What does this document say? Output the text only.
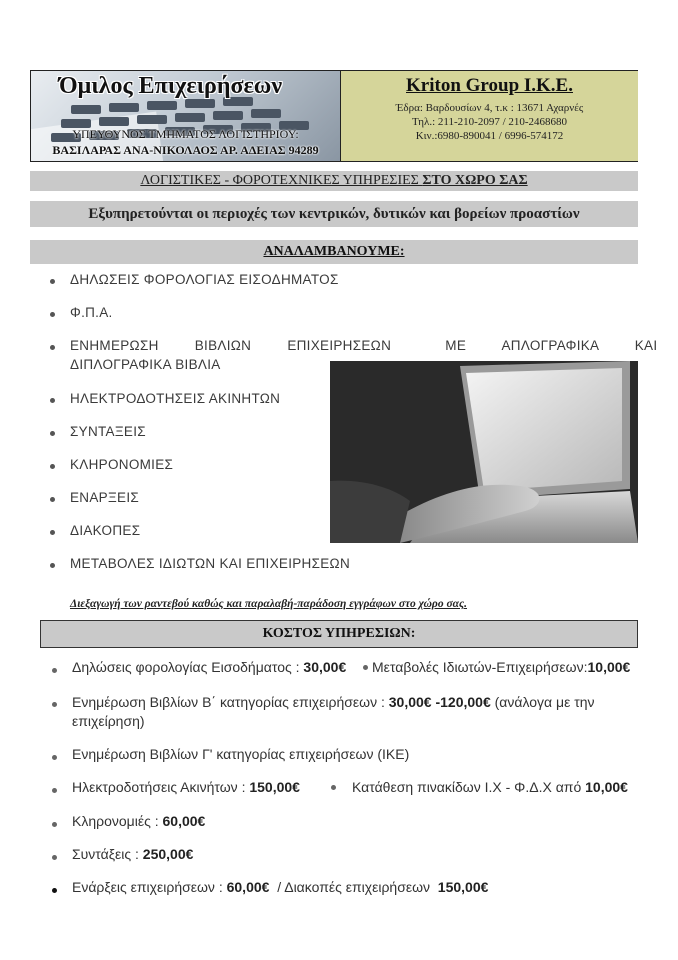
Όμιλος Επιχειρήσεων
ΥΠΕΥΘΥΝΟΣ ΤΜΗΜΑΤΟΣ ΛΟΓΙΣΤΗΡΙΟΥ:
ΒΑΣΙΛΑΡΑΣ ΑΝΑ-ΝΙΚΟΛΑΟΣ ΑΡ. ΑΔΕΙΑΣ 94289
Kriton Group I.K.E.
Έδρα: Βαρδουσίων 4, τ.κ : 13671 Αχαρνές
Τηλ.: 211-210-2097 / 210-2468680
Κιν.:6980-890041 / 6996-574172
ΛΟΓΙΣΤΙΚΕΣ - ΦΟΡΟΤΕΧΝΙΚΕΣ ΥΠΗΡΕΣΙΕΣ ΣΤΟ ΧΩΡΟ ΣΑΣ
Εξυπηρετούνται οι περιοχές των κεντρικών, δυτικών και βορείων προαστίων
ΑΝΑΛΑΜΒΑΝΟΥΜΕ:
ΔΗΛΩΣΕΙΣ ΦΟΡΟΛΟΓΙΑΣ ΕΙΣΟΔΗΜΑΤΟΣ
Φ.Π.Α.
ΕΝΗΜΕΡΩΣΗ  ΒΙΒΛΙΩΝ  ΕΠΙΧΕΙΡΗΣΕΩΝ   ΜΕ  ΑΠΛΟΓΡΑΦΙΚΑ  ΚΑΙ
ΔΙΠΛΟΓΡΑΦΙΚΑ ΒΙΒΛΙΑ
ΗΛΕΚΤΡΟΔΟΤΗΣΕΙΣ ΑΚΙΝΗΤΩΝ
ΣΥΝΤΑΞΕΙΣ
ΚΛΗΡΟΝΟΜΙΕΣ
ΕΝΑΡΞΕΙΣ
ΔΙΑΚΟΠΕΣ
ΜΕΤΑΒΟΛΕΣ ΙΔΙΩΤΩΝ ΚΑΙ ΕΠΙΧΕΙΡΗΣΕΩΝ
Διεξαγωγή των ραντεβού καθώς και παραλαβή-παράδοση εγγράφων στο χώρο σας.
ΚΟΣΤΟΣ ΥΠΗΡΕΣΙΩΝ:
Δηλώσεις φορολογίας Εισοδήματος : 30,00€ Μεταβολές Ιδιωτών-Επιχειρήσεων:10,00€
Ενημέρωση Βιβλίων Β΄ κατηγορίας επιχειρήσεων : 30,00€ -120,00€ (ανάλογα με την
επιχείρηση)
Ενημέρωση Βιβλίων Γ' κατηγορίας επιχειρήσεων (ΙΚΕ)
Ηλεκτροδοτήσεις Ακινήτων : 150,00€	Κατάθεση πινακίδων Ι.Χ - Φ.Δ.Χ από 10,00€
Κληρονομιές : 60,00€
Συντάξεις : 250,00€
Ενάρξεις επιχειρήσεων : 60,00€  / Διακοπές επιχειρήσεων  150,00€
